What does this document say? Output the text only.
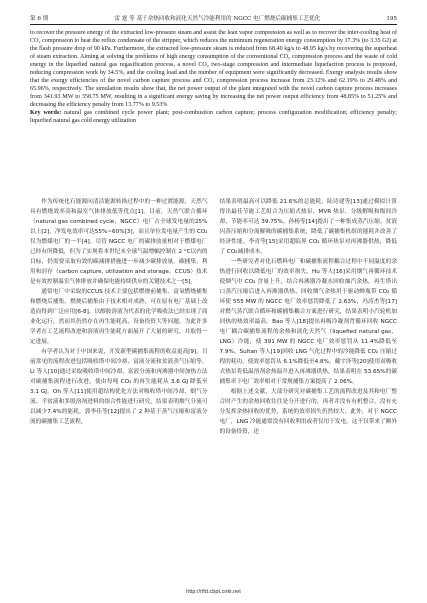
第 6 期	雷 霆 等 基于余热回收和液化天然气冷能利用的 NGCC 电厂燃烧后碳捕集工艺优化	195

to recover the pressure energy of the extracted low-pressure steam and assist the lean vapor compression as well as to recover the inter-cooling heat of CO₂ compression to heat the reflux condensate of the stripper, which reduces the minimum regeneration energy consumption by 17.3% (to 3.35 GJ) at the flash pressure drop of 90 kPa. Furthermore, the extracted low-pressure steam is reduced from 68.40 kg/s to 48.95 kg/s by recovering the superheat of steam extraction. Aiming at solving the problems of high energy consumption of the conventional CO₂ compression process and the waste of cold energy in the liquefied natural gas regasification process, a novel CO₂ two-stage compression and intermediate liquefaction process is proposed, reducing compression work by 34.5%, and the cooling load and the number of equipment were significantly decreased. Exergy analysis results show that the exergy efficiencies of the novel carbon capture process and CO₂ compression process increase from 23.12% and 62.19% to 29.48% and 65.96%, respectively. The simulation results show that, the net power output of the plant integrated with the novel carbon capture process increases from 341.93 MW to 358.75 MW, resulting in a significant energy saving by increasing the net power output efficiency from 48.85% to 51.25% and decreasing the efficiency penalty from 13.77% to 9.53%

Key words: natural gas combined cycle power plant; post-combustion carbon capture; process configuration modification; efficiency penalty; liquefied natural gas cold energy utilization

作为传统化石能源向清洁能源转换过程中的一种过渡能源，天然气具有燃烧效率高和温室气体排放低等优点[1]。目前，天然气联合循环（natural gas combined cycle，NGCC）电厂占全球发电量的25%以上[2]，净发电效率可达55%~60%[3]，而且单位发电量产生的 CO₂ 仅为燃煤电厂的一半[4]。尽管 NGCC 电厂的碳排放量相对于燃煤电厂已经有所降低，但为了实现将本世纪末全球气温增幅控制在 2 °C以内的目标，仍需要采取有效的碳减排措施进一步减少碳排放量。碳捕集、利用和封存（carbon capture, utilization and storage，CCUS）技术是有效控制温室气体排放并确保电能持续供应的关键技术之一[5]。

通常电厂中采取的CCUS 技术主要包括燃烧前捕集、富氧燃烧捕集和燃烧后捕集。燃烧后捕集由于技术相对成熟，可在原有电厂基础上改造而得到广泛应用[6-8]，以醇胺溶液为代表的化学吸收法已经实现了商业化运行，然而其仍然存在再生能耗高、设备投资大等问题。为此许多学者在工艺流程改进和溶液再生能耗方面展开了大量的研究，并取得一定进展。

有学者认为对于中国来说，开发新型碳捕集流程的收益更高[9]。目前常见的流程改进包括吸收塔中间冷却、富液分流和贫液蒸气压缩等。Li 等人[10]通过采取吸收塔中间冷却、富液分流和再沸器中间加热方法对碳捕集流程进行改进，使由每吨 CO₂ 的再生能耗从 3.6 GJ 降低至 3.1 GJ。Oh 等人[11]使用超结构优化方法对吸收塔中间冷却、烟气分流、半贫液和多股溶剂进料的组合性能进行研究，结果表明烟气分流可以减少7.4%的能耗，郭李佳等[12]提出了 2 种基于蒸气压缩和富液分流的碳捕集工艺流程，

结果表明最高可以降低 21.6%的总能耗，陆诗建等[13]通过模拟计算得出最佳节能工艺组合为压缩式热泵、MVR 热泵、分级解吸和级间冷却，节能率可达 39.75%。孙杨等[14]提出了一种集成蒸汽压缩、贫液闪蒸压缩和分流解吸的碳捕集系统，降低了碳捕集机组的能耗并改善了经济性能。李青等[15]采用超临界 CO₂ 循环热泵对再沸器供热，降低了 CO₂减排成本。

一些研究者对化石燃料电厂和碳捕集流程耦合过程中不同温度的余热进行回收以降低电厂的效率损失。Hu 等人[16]采用烟气再循环技术使烟气中 CO₂ 含量上升，结合再沸器冷凝水回收抽汽余热，再生塔出口蒸汽压缩后进入再沸器供热，回收烟气余热用于驱动蝉瓶带 CO₂ 循环使 555 MW 的 NGCC 电厂效率惩罚降低了 2.63%，冯涛杰等[17]对燃气蒸汽联合循环和碳捕集耦合方案进行研究，结果表明小汽轮机加回热的热效率最高。Bao 等人[18]提出再吸冷凝剂背循环回收 NGCC 电厂耦合碳捕集流程的余热和液化天然气（liquefied natural gas，LNG）冷能，使 391 MW 的 NGCC 电厂效率惩罚从 11.4%降低至 7.9%。Sultan 等人[19]回收 LNG 气化过程中的冷能降低 CO₂ 压缩过程的耗功，使效率惩罚从 6.1%降低至4.8%。戴宇泽等[20]使用双吸收式热泵将低温溶剂余热温升进入再沸器供热，结果表明在 53.65%的碳捕集率下电厂效率相对于常规捕集方案提高了 2.06%。

根据上述文献，大部分研究对碳捕集工艺的流程改进及其和电厂整合时产生的余热回收往往是分开进行的，再者并没有有机整合，没有充分发挥余热回收的优势，系统的效率损失仍然较大。此外，对于 NGCC 电厂，LNG 冷能通常没有回收利用或者仅用于发电，这不仅带来了额外的设备投资，还

http://rlfd.cbpt.cnki.net
